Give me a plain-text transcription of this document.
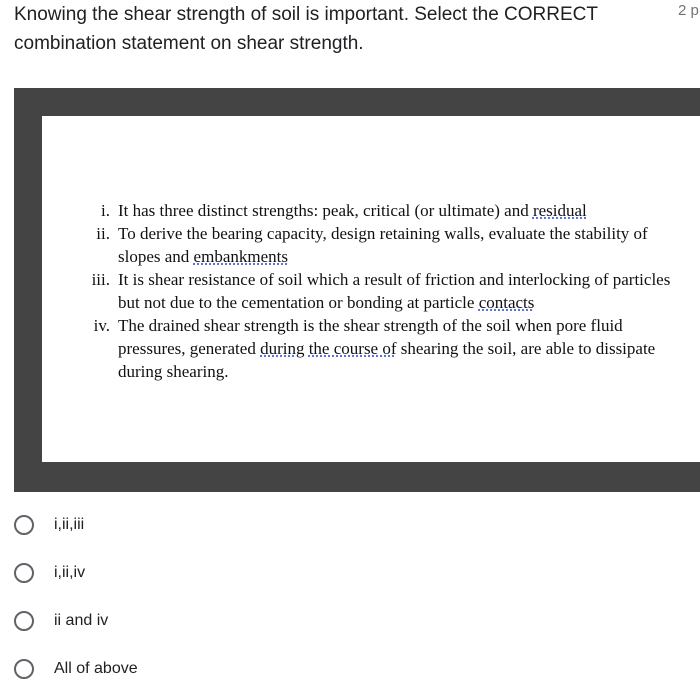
Knowing the shear strength of soil is important. Select the CORRECT
combination statement on shear strength.
2 p
i. It has three distinct strengths: peak, critical (or ultimate) and residual
ii. To derive the bearing capacity, design retaining walls, evaluate the stability of slopes and embankments
iii. It is shear resistance of soil which a result of friction and interlocking of particles but not due to the cementation or bonding at particle contacts
iv. The drained shear strength is the shear strength of the soil when pore fluid pressures, generated during the course of shearing the soil, are able to dissipate during shearing.
i,ii,iii
i,ii,iv
ii and iv
All of above
